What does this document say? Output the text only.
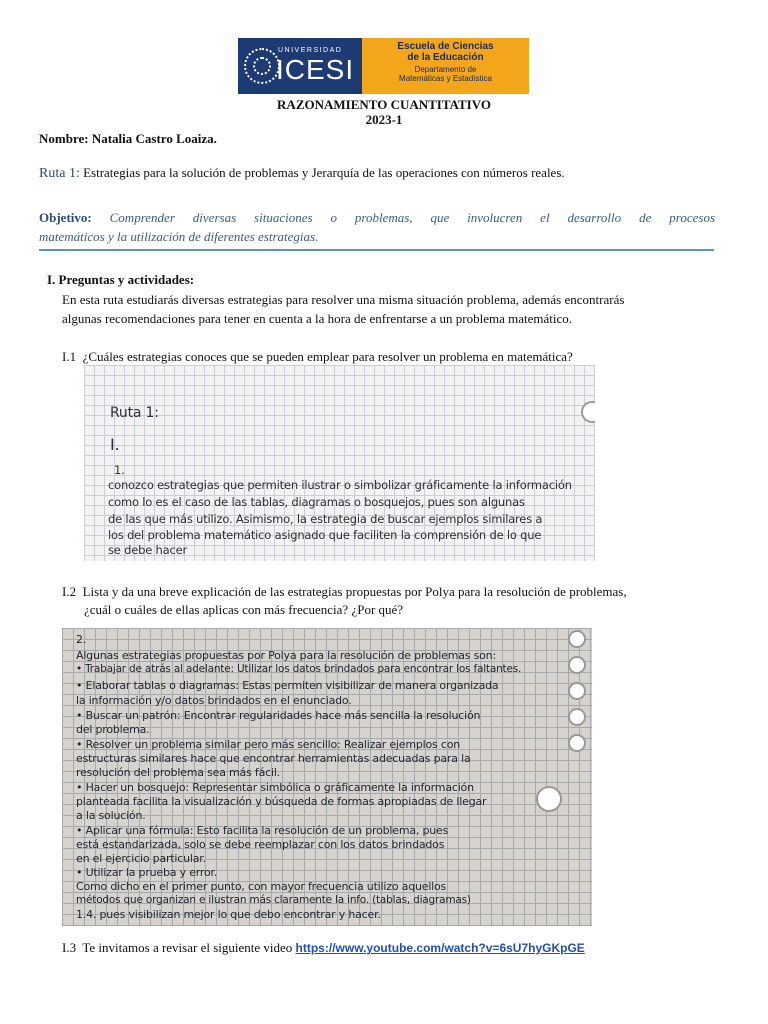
UNIVERSIDAD
ICESI
Escuela de Ciencias
de la Educación
Departamento de
Matemáticas y Estadística
RAZONAMIENTO CUANTITATIVO
2023-1
Nombre: Natalia Castro Loaiza.
Ruta 1: Estrategias para la solución de problemas y Jerarquía de las operaciones con números reales.
Objetivo: Comprender diversas situaciones o problemas, que involucren el desarrollo de procesos
matemáticos y la utilización de diferentes estrategias.
I. Preguntas y actividades:
En esta ruta estudiarás diversas estrategias para resolver una misma situación problema, además encontrarás
algunas recomendaciones para tener en cuenta a la hora de enfrentarse a un problema matemático.
I.1 ¿Cuáles estrategias conoces que se pueden emplear para resolver un problema en matemática?
Ruta 1:
I.
1.
conozco estrategias que permiten ilustrar o simbolizar gráficamente la información
como lo es el caso de las tablas, diagramas o bosquejos, pues son algunas
de las que más utilizo. Asimismo, la estrategia de buscar ejemplos similares a
los del problema matemático asignado que faciliten la comprensión de lo que
se debe hacer
I.2 Lista y da una breve explicación de las estrategias propuestas por Polya para la resolución de problemas,
¿cuál o cuáles de ellas aplicas con más frecuencia? ¿Por qué?
2.
Algunas estrategias propuestas por Polya para la resolución de problemas son:
• Trabajar de atrás al adelante: Utilizar los datos brindados para encontrar los faltantes.
• Elaborar tablas o diagramas: Estas permiten visibilizar de manera organizada
la información y/o datos brindados en el enunciado.
• Buscar un patrón: Encontrar regularidades hace más sencilla la resolución
del problema.
• Resolver un problema similar pero más sencillo: Realizar ejemplos con
estructuras similares hace que encontrar herramientas adecuadas para la
resolución del problema sea más fácil.
• Hacer un bosquejo: Representar simbólica o gráficamente la información
planteada facilita la visualización y búsqueda de formas apropiadas de llegar
a la solución.
• Aplicar una fórmula: Esto facilita la resolución de un problema, pues
está estandarizada, solo se debe reemplazar con los datos brindados
en el ejercicio particular.
• Utilizar la prueba y error.
Como dicho en el primer punto, con mayor frecuencia utilizo aquellos
métodos que organizan e ilustran más claramente la info. (tablas, diagramas)
1.4. pues visibilizan mejor lo que debo encontrar y hacer.
I.3 Te invitamos a revisar el siguiente video https://www.youtube.com/watch?v=6sU7hyGKpGE
